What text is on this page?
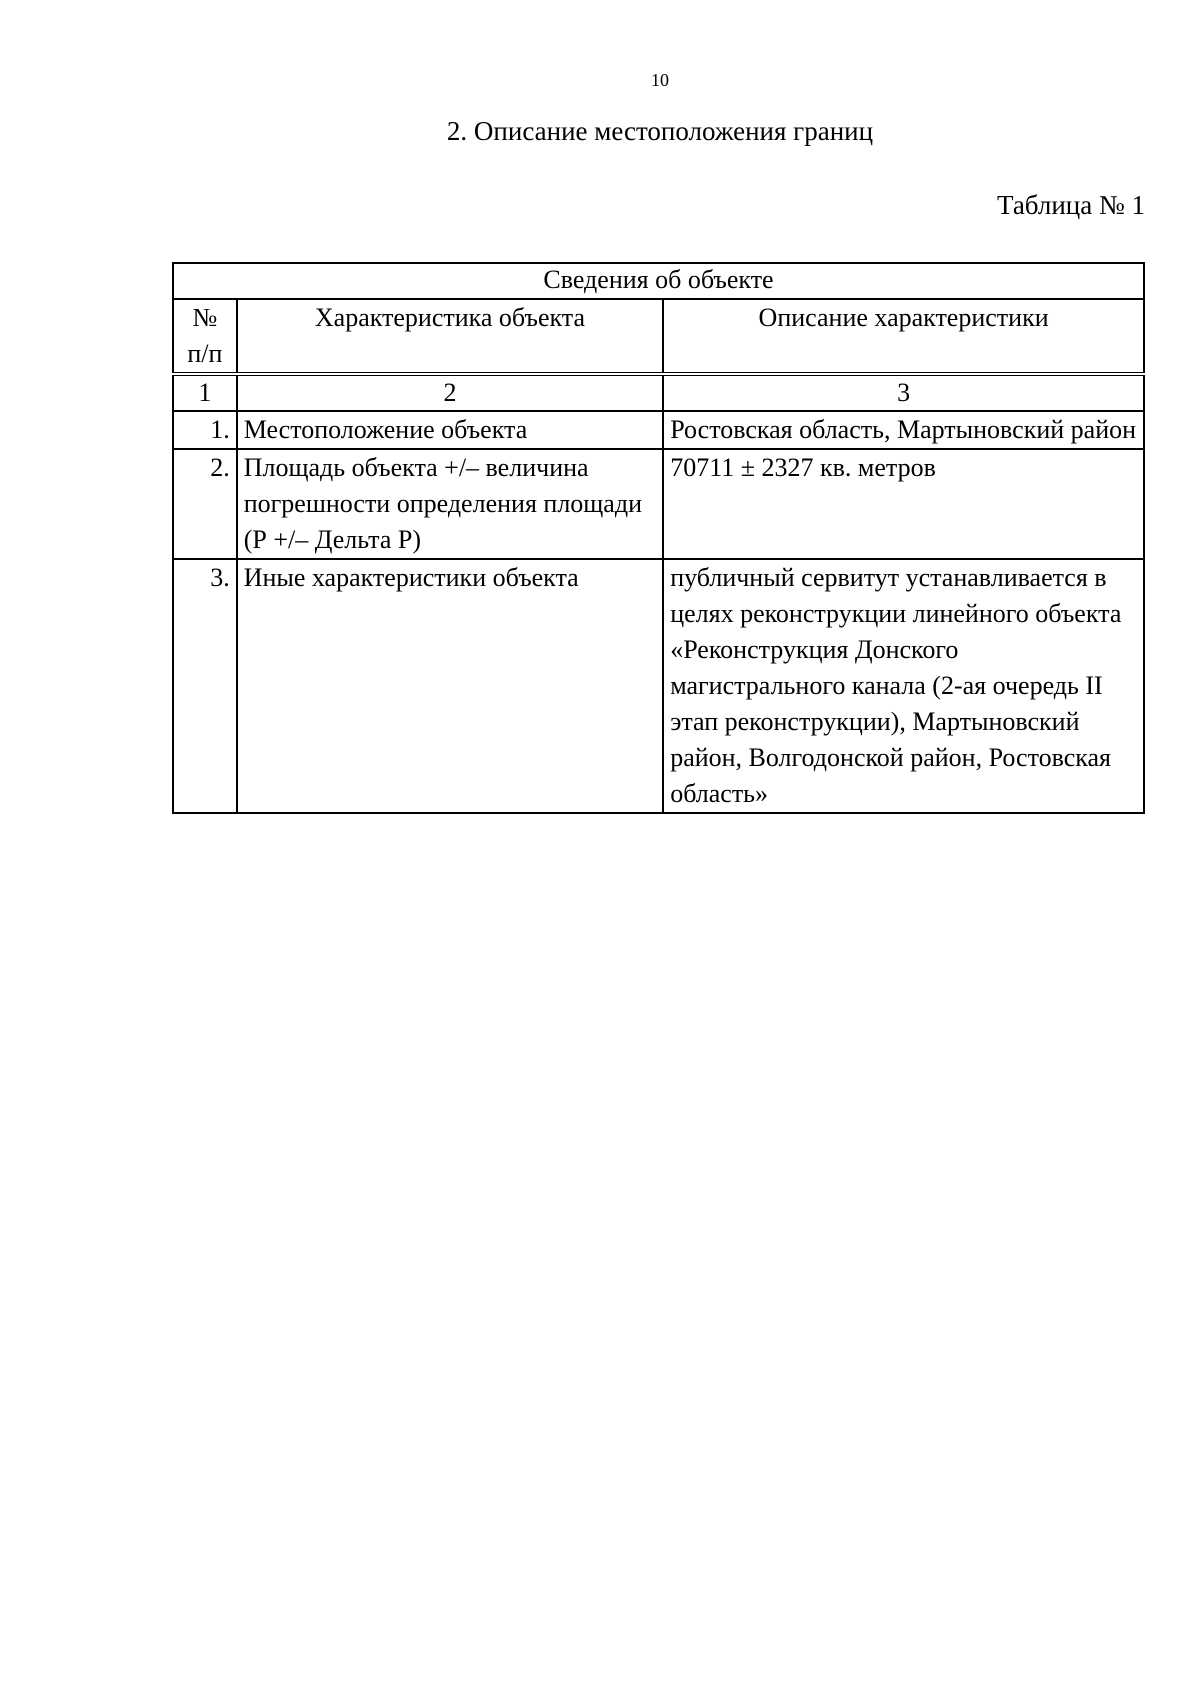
10
2. Описание местоположения границ
Таблица № 1
Сведения об объекте		
№ п/п	Характеристика объекта	Описание характеристики
1	2	3
1.	Местоположение объекта	Ростовская область, Мартыновский район
2.	Площадь объекта +/– величина погрешности определения площади (Р +/– Дельта Р)	70711 ± 2327 кв. метров
3.	Иные характеристики объекта	публичный сервитут устанавливается в целях реконструкции линейного объекта «Реконструкция Донского магистрального канала (2-ая очередь II этап реконструкции), Мартыновский район, Волгодонской район, Ростовская область»
